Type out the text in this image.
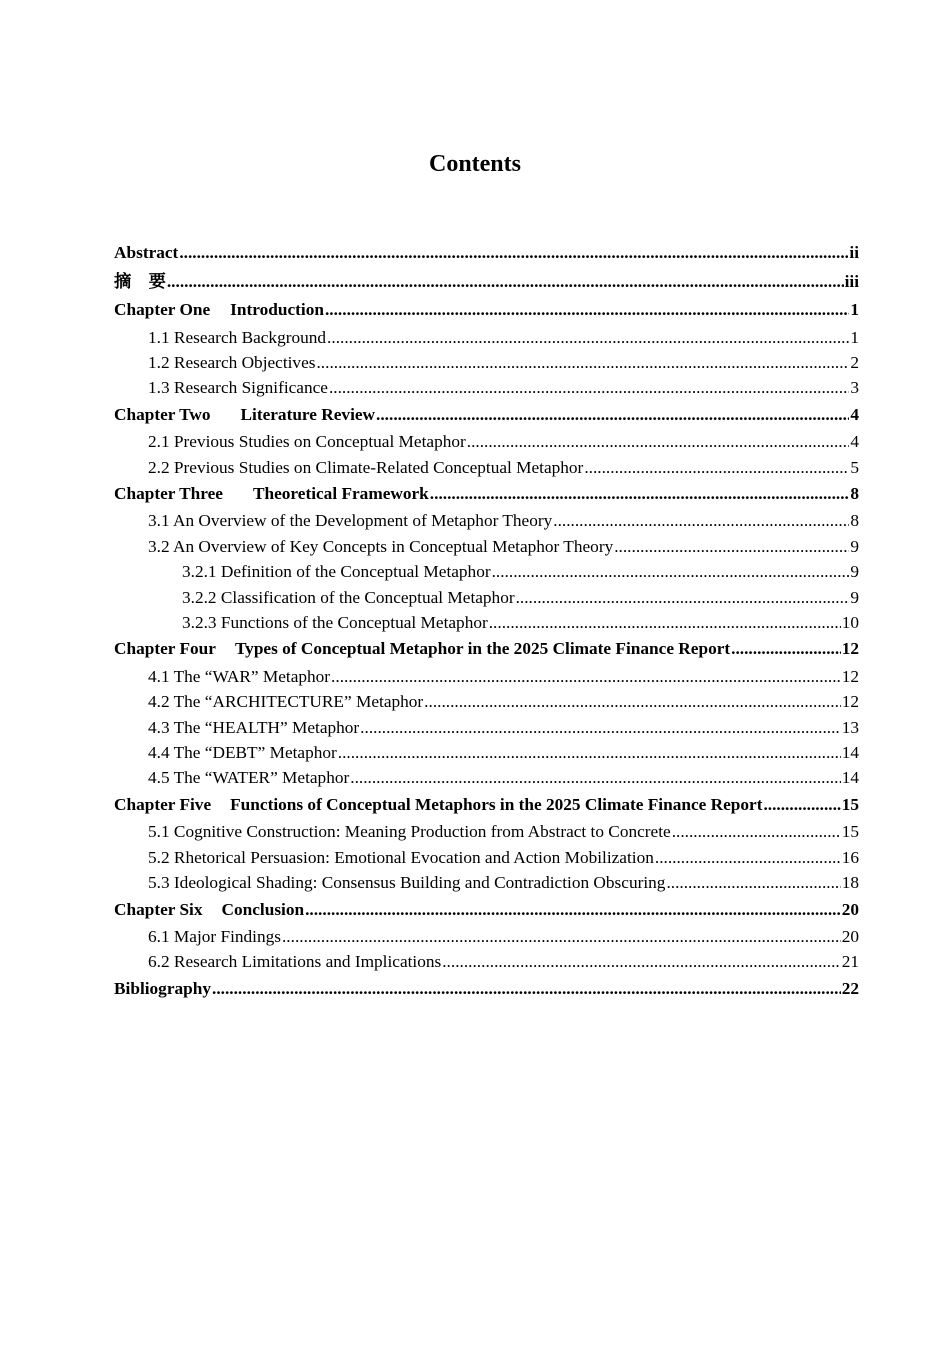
Contents
Abstract .....	ii
摘　要 .....	iii
Chapter One Introduction .....	1
1.1 Research Background .....	1
1.2 Research Objectives .....	2
1.3 Research Significance .....	3
Chapter Two Literature Review .....	4
2.1 Previous Studies on Conceptual Metaphor .....	4
2.2 Previous Studies on Climate-Related Conceptual Metaphor .....	5
Chapter Three Theoretical Framework .....	8
3.1 An Overview of the Development of Metaphor Theory .....	8
3.2 An Overview of Key Concepts in Conceptual Metaphor Theory .....	9
3.2.1 Definition of the Conceptual Metaphor .....	9
3.2.2 Classification of the Conceptual Metaphor .....	9
3.2.3 Functions of the Conceptual Metaphor .....	10
Chapter Four Types of Conceptual Metaphor in the 2025 Climate Finance Report .....	12
4.1 The “WAR” Metaphor .....	12
4.2 The “ARCHITECTURE” Metaphor .....	12
4.3 The “HEALTH” Metaphor .....	13
4.4 The “DEBT” Metaphor .....	14
4.5 The “WATER” Metaphor .....	14
Chapter Five Functions of Conceptual Metaphors in the 2025 Climate Finance Report .....	15
5.1 Cognitive Construction: Meaning Production from Abstract to Concrete .....	15
5.2 Rhetorical Persuasion: Emotional Evocation and Action Mobilization .....	16
5.3 Ideological Shading: Consensus Building and Contradiction Obscuring .....	18
Chapter Six Conclusion .....	20
6.1 Major Findings .....	20
6.2 Research Limitations and Implications .....	21
Bibliography .....	22
